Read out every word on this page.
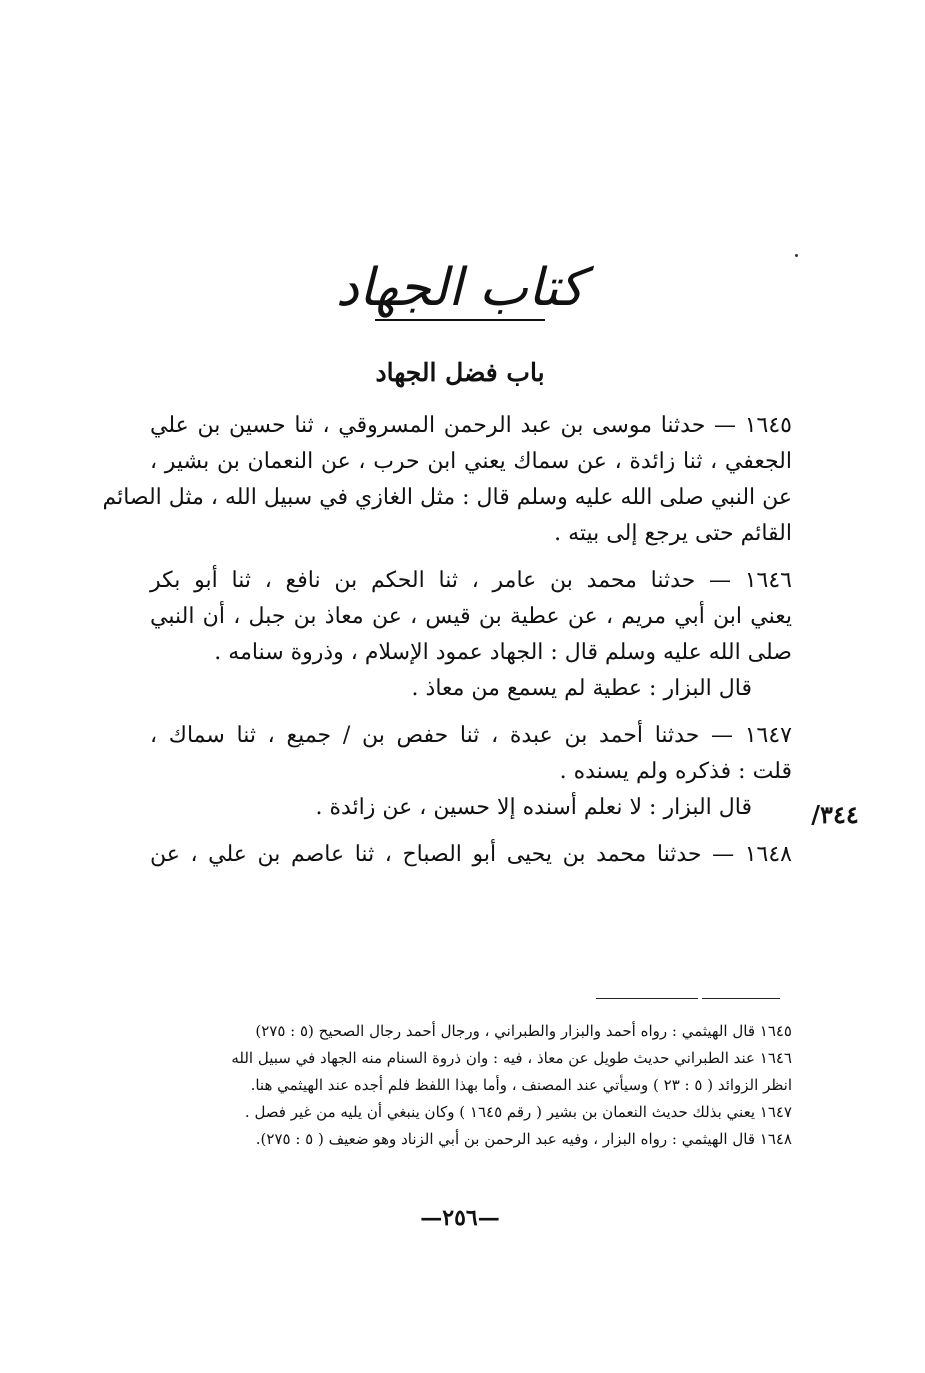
كتاب الجهاد
باب فضل الجهاد
٣٤٤/
١٦٤٥ — حدثنا موسى بن عبد الرحمن المسروقي ، ثنا حسين بن علي
الجعفي ، ثنا زائدة ، عن سماك يعني ابن حرب ، عن النعمان بن بشير ،
عن النبي صلى الله عليه وسلم قال : مثل الغازي في سبيل الله ، مثل الصائم
القائم حتى يرجع إلى بيته .
١٦٤٦ — حدثنا محمد بن عامر ، ثنا الحكم بن نافع ، ثنا أبو بكر
يعني ابن أبي مريم ، عن عطية بن قيس ، عن معاذ بن جبل ، أن النبي
صلى الله عليه وسلم قال : الجهاد عمود الإسلام ، وذروة سنامه .
قال البزار : عطية لم يسمع من معاذ .
١٦٤٧ — حدثنا أحمد بن عبدة ، ثنا حفص بن / جميع ، ثنا سماك ،
قلت : فذكره ولم يسنده .
قال البزار : لا نعلم أسنده إلا حسين ، عن زائدة .
١٦٤٨ — حدثنا محمد بن يحيى أبو الصباح ، ثنا عاصم بن علي ، عن
١٦٤٥ قال الهيثمي : رواه أحمد والبزار والطبراني ، ورجال أحمد رجال الصحيح (٥ : ٢٧٥)
١٦٤٦ عند الطبراني حديث طويل عن معاذ ، فيه : وان ذروة السنام منه الجهاد في سبيل الله
انظر الزوائد ( ٥ : ٢٣ ) وسيأتي عند المصنف ، وأما بهذا اللفظ فلم أجده عند الهيثمي هنا.
١٦٤٧ يعني بذلك حديث النعمان بن بشير ( رقم ١٦٤٥ ) وكان ينبغي أن يليه من غير فصل .
١٦٤٨ قال الهيثمي : رواه البزار ، وفيه عبد الرحمن بن أبي الزناد وهو ضعيف ( ٥ : ٢٧٥).
—٢٥٦—
